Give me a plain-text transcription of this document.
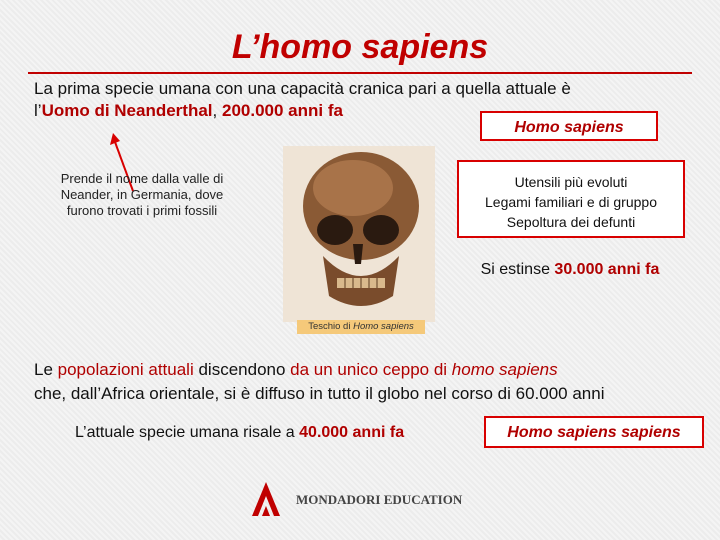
L’homo sapiens
La prima specie umana con una capacità cranica pari a quella attuale è
l’Uomo di Neanderthal, 200.000 anni fa
Homo sapiens
Prende il nome dalla valle di Neander, in Germania, dove furono trovati i primi fossili
Utensili più evoluti
Legami familiari e di gruppo
Sepoltura dei defunti
Teschio di Homo sapiens
Si estinse 30.000 anni fa
Le popolazioni attuali discendono da un unico ceppo di homo sapiens
che, dall’Africa orientale, si è diffuso in tutto il globo nel corso di 60.000 anni
L’attuale specie umana risale a 40.000 anni fa	Homo sapiens sapiens
MONDADORI EDUCATION
